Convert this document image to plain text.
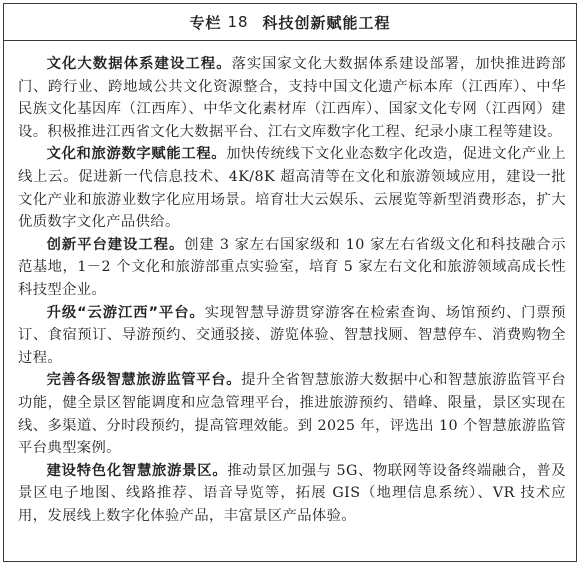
专栏 18 科技创新赋能工程

文化大数据体系建设工程。落实国家文化大数据体系建设部署，加快推进跨部门、跨行业、跨地域公共文化资源整合，支持中国文化遗产标本库（江西库）、中华民族文化基因库（江西库）、中华文化素材库（江西库）、国家文化专网（江西网）建设。积极推进江西省文化大数据平台、江右文库数字化工程、纪录小康工程等建设。

文化和旅游数字赋能工程。加快传统线下文化业态数字化改造，促进文化产业上线上云。促进新一代信息技术、4K/8K 超高清等在文化和旅游领域应用，建设一批文化产业和旅游业数字化应用场景。培育壮大云娱乐、云展览等新型消费形态，扩大优质数字文化产品供给。

创新平台建设工程。创建 3 家左右国家级和 10 家左右省级文化和科技融合示范基地，1－2 个文化和旅游部重点实验室，培育 5 家左右文化和旅游领域高成长性科技型企业。

升级“云游江西”平台。实现智慧导游贯穿游客在检索查询、场馆预约、门票预订、食宿预订、导游预约、交通驳接、游览体验、智慧找厕、智慧停车、消费购物全过程。

完善各级智慧旅游监管平台。提升全省智慧旅游大数据中心和智慧旅游监管平台功能，健全景区智能调度和应急管理平台，推进旅游预约、错峰、限量，景区实现在线、多渠道、分时段预约，提高管理效能。到 2025 年，评选出 10 个智慧旅游监管平台典型案例。

建设特色化智慧旅游景区。推动景区加强与 5G、物联网等设备终端融合，普及景区电子地图、线路推荐、语音导览等，拓展 GIS（地理信息系统）、VR 技术应用，发展线上数字化体验产品，丰富景区产品体验。
